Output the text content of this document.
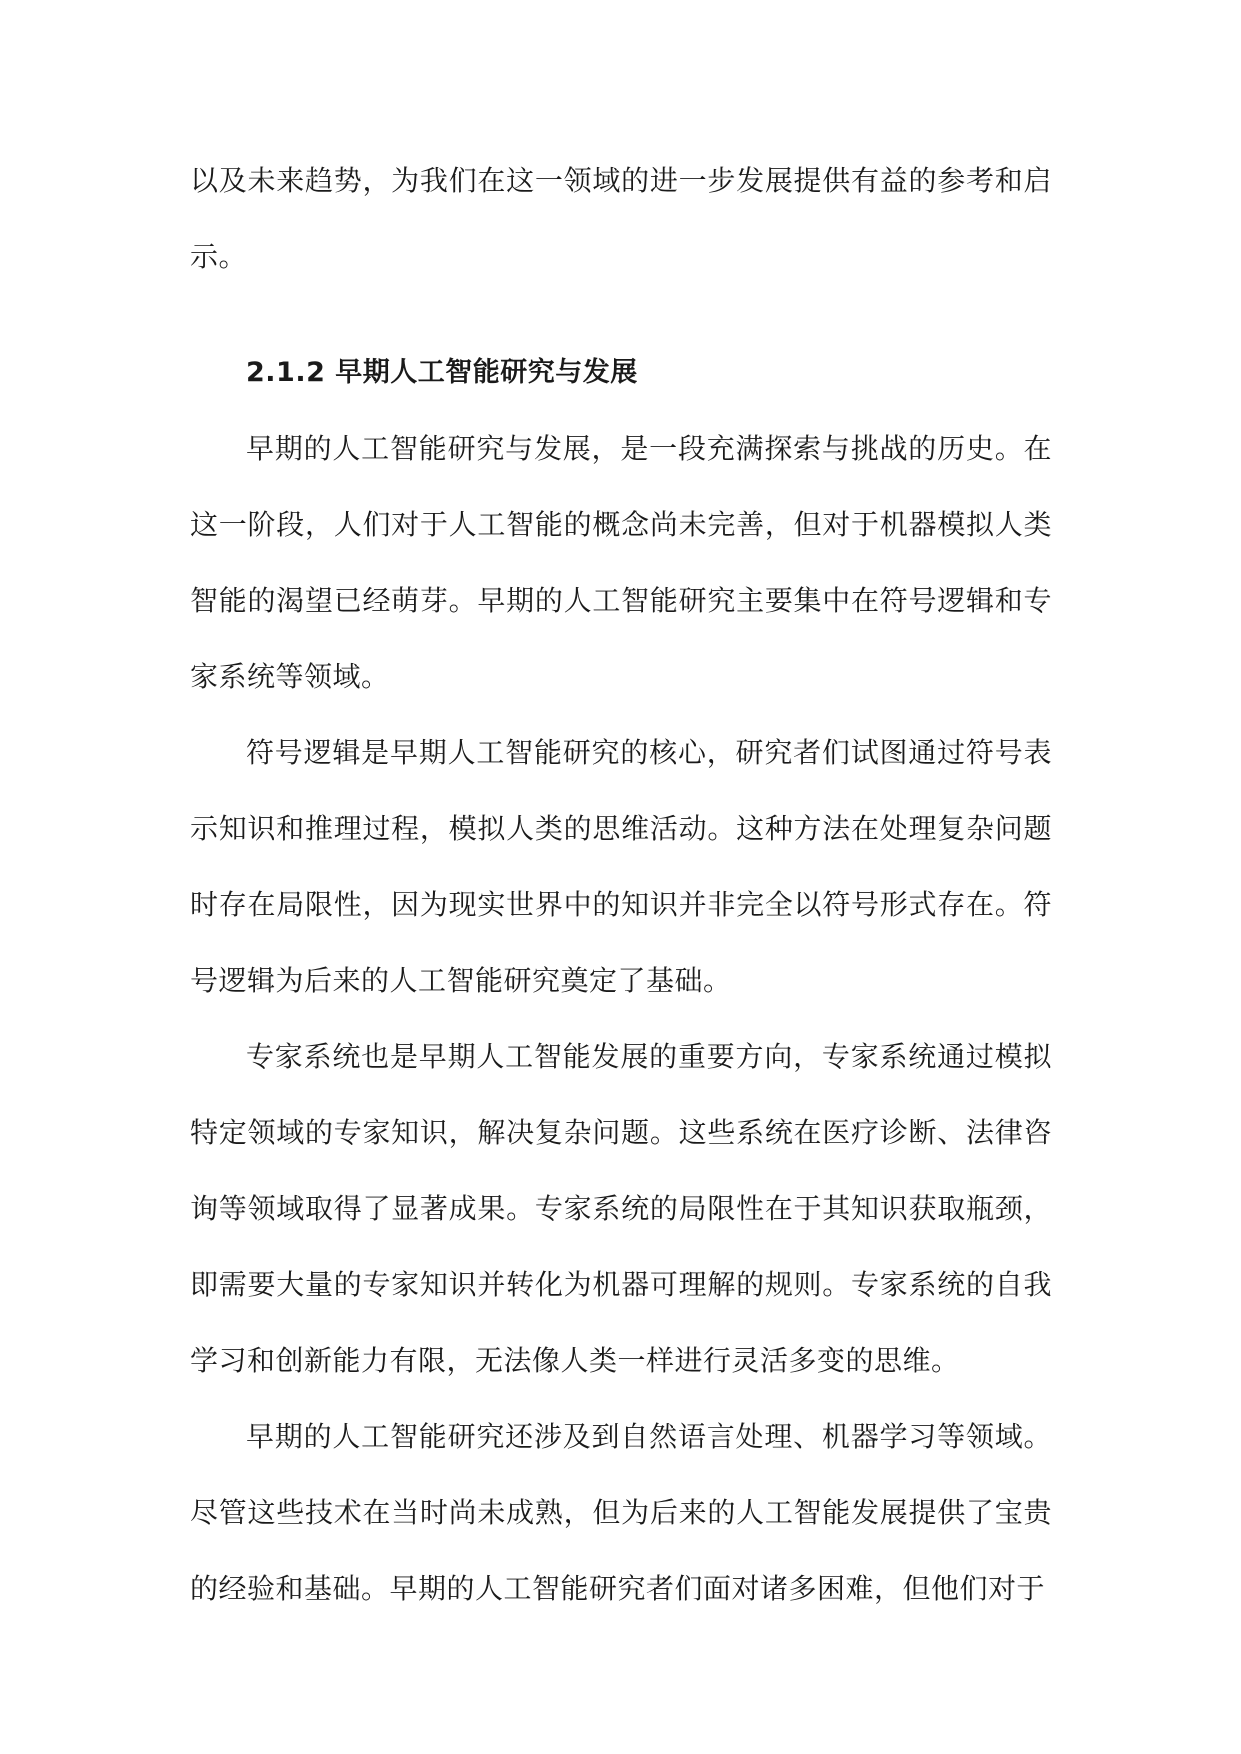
以及未来趋势，为我们在这一领域的进一步发展提供有益的参考和启示。

2.1.2 早期人工智能研究与发展

早期的人工智能研究与发展，是一段充满探索与挑战的历史。在这一阶段，人们对于人工智能的概念尚未完善，但对于机器模拟人类智能的渴望已经萌芽。早期的人工智能研究主要集中在符号逻辑和专家系统等领域。

符号逻辑是早期人工智能研究的核心，研究者们试图通过符号表示知识和推理过程，模拟人类的思维活动。这种方法在处理复杂问题时存在局限性，因为现实世界中的知识并非完全以符号形式存在。符号逻辑为后来的人工智能研究奠定了基础。

专家系统也是早期人工智能发展的重要方向，专家系统通过模拟特定领域的专家知识，解决复杂问题。这些系统在医疗诊断、法律咨询等领域取得了显著成果。专家系统的局限性在于其知识获取瓶颈，即需要大量的专家知识并转化为机器可理解的规则。专家系统的自我学习和创新能力有限，无法像人类一样进行灵活多变的思维。

早期的人工智能研究还涉及到自然语言处理、机器学习等领域。尽管这些技术在当时尚未成熟，但为后来的人工智能发展提供了宝贵的经验和基础。早期的人工智能研究者们面对诸多困难，但他们对于
